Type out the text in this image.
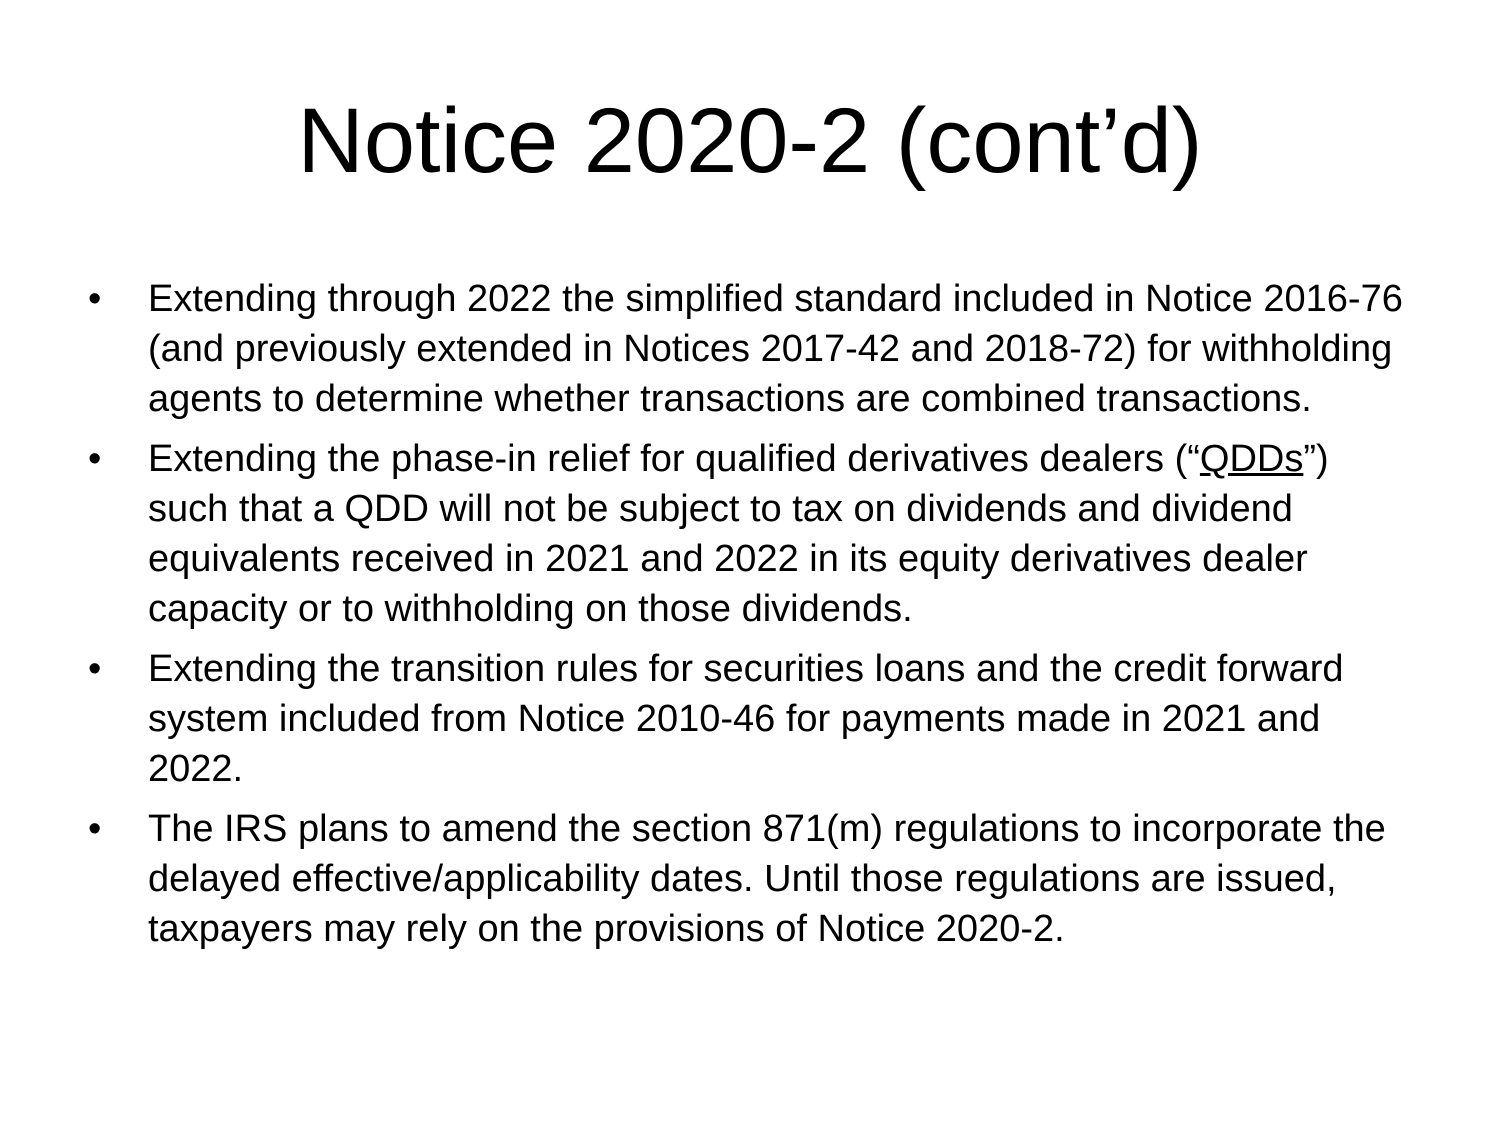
Notice 2020-2 (cont’d)
• Extending through 2022 the simplified standard included in Notice 2016-76 (and previously extended in Notices 2017-42 and 2018-72) for withholding agents to determine whether transactions are combined transactions.
• Extending the phase-in relief for qualified derivatives dealers (“QDDs”) such that a QDD will not be subject to tax on dividends and dividend equivalents received in 2021 and 2022 in its equity derivatives dealer capacity or to withholding on those dividends.
• Extending the transition rules for securities loans and the credit forward system included from Notice 2010-46 for payments made in 2021 and 2022.
• The IRS plans to amend the section 871(m) regulations to incorporate the delayed effective/applicability dates. Until those regulations are issued, taxpayers may rely on the provisions of Notice 2020-2.
